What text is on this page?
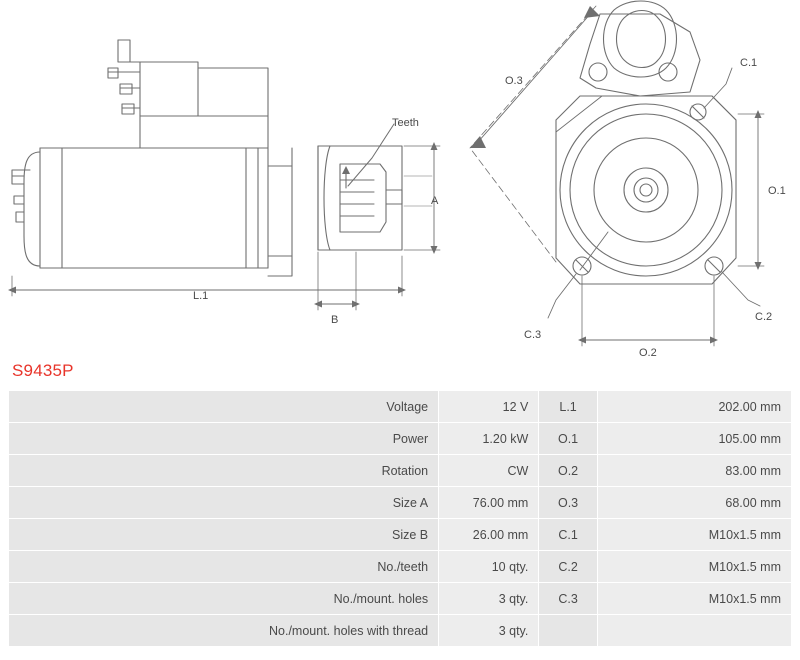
Teeth
L.1
B
A
O.3
O.1
O.2
C.1
C.2
C.3
S9435P
Voltage	12 V	L.1	202.00 mm
Power	1.20 kW	O.1	105.00 mm
Rotation	CW	O.2	83.00 mm
Size A	76.00 mm	O.3	68.00 mm
Size B	26.00 mm	C.1	M10x1.5 mm
No./teeth	10 qty.	C.2	M10x1.5 mm
No./mount. holes	3 qty.	C.3	M10x1.5 mm
No./mount. holes with thread	3 qty.		
